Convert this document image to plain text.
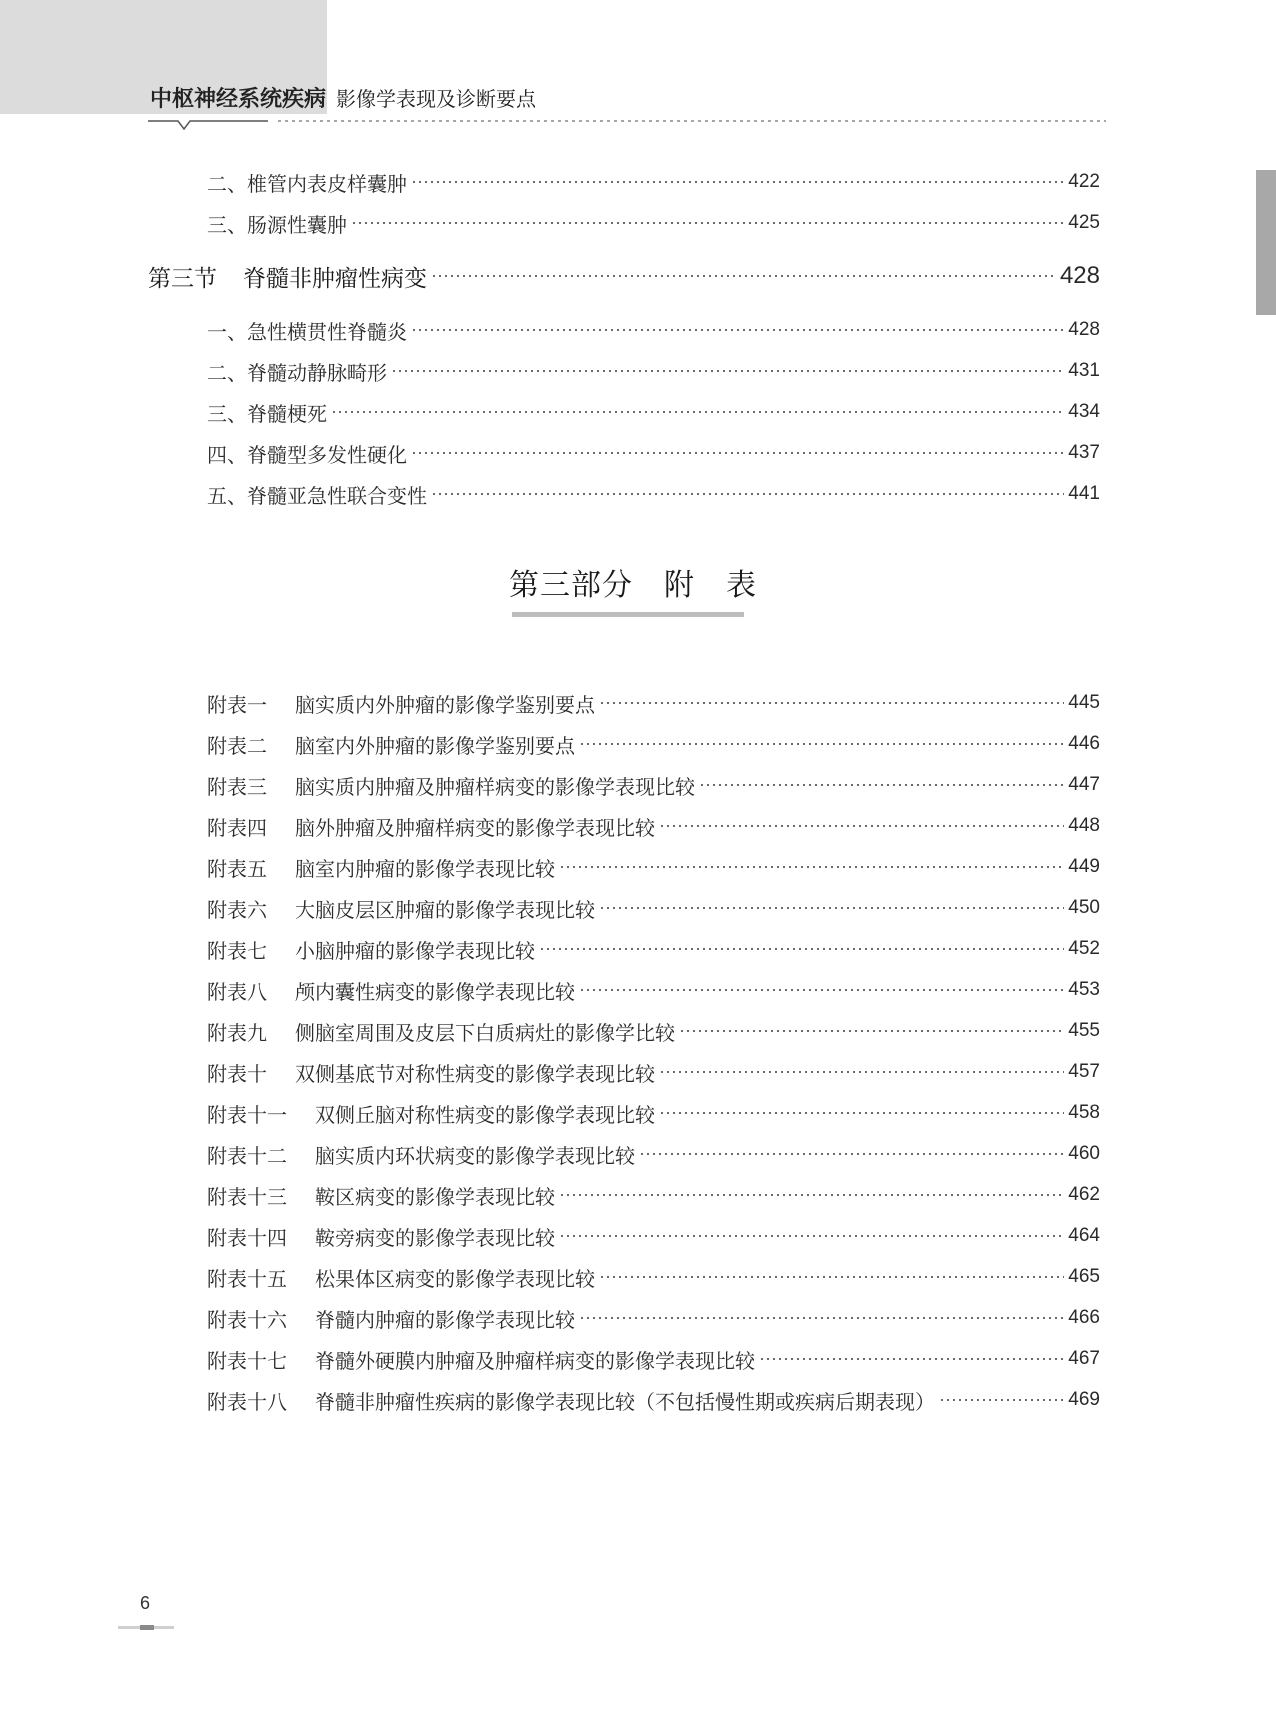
中枢神经系统疾病 影像学表现及诊断要点
二、椎管内表皮样囊肿	422
三、肠源性囊肿	425
第三节 脊髓非肿瘤性病变	428
一、急性横贯性脊髓炎	428
二、脊髓动静脉畸形	431
三、脊髓梗死	434
四、脊髓型多发性硬化	437
五、脊髓亚急性联合变性	441
第三部分　附　表
附表一	脑实质内外肿瘤的影像学鉴别要点	445
附表二	脑室内外肿瘤的影像学鉴别要点	446
附表三	脑实质内肿瘤及肿瘤样病变的影像学表现比较	447
附表四	脑外肿瘤及肿瘤样病变的影像学表现比较	448
附表五	脑室内肿瘤的影像学表现比较	449
附表六	大脑皮层区肿瘤的影像学表现比较	450
附表七	小脑肿瘤的影像学表现比较	452
附表八	颅内囊性病变的影像学表现比较	453
附表九	侧脑室周围及皮层下白质病灶的影像学比较	455
附表十	双侧基底节对称性病变的影像学表现比较	457
附表十一	双侧丘脑对称性病变的影像学表现比较	458
附表十二	脑实质内环状病变的影像学表现比较	460
附表十三	鞍区病变的影像学表现比较	462
附表十四	鞍旁病变的影像学表现比较	464
附表十五	松果体区病变的影像学表现比较	465
附表十六	脊髓内肿瘤的影像学表现比较	466
附表十七	脊髓外硬膜内肿瘤及肿瘤样病变的影像学表现比较	467
附表十八	脊髓非肿瘤性疾病的影像学表现比较（不包括慢性期或疾病后期表现）	469
6
